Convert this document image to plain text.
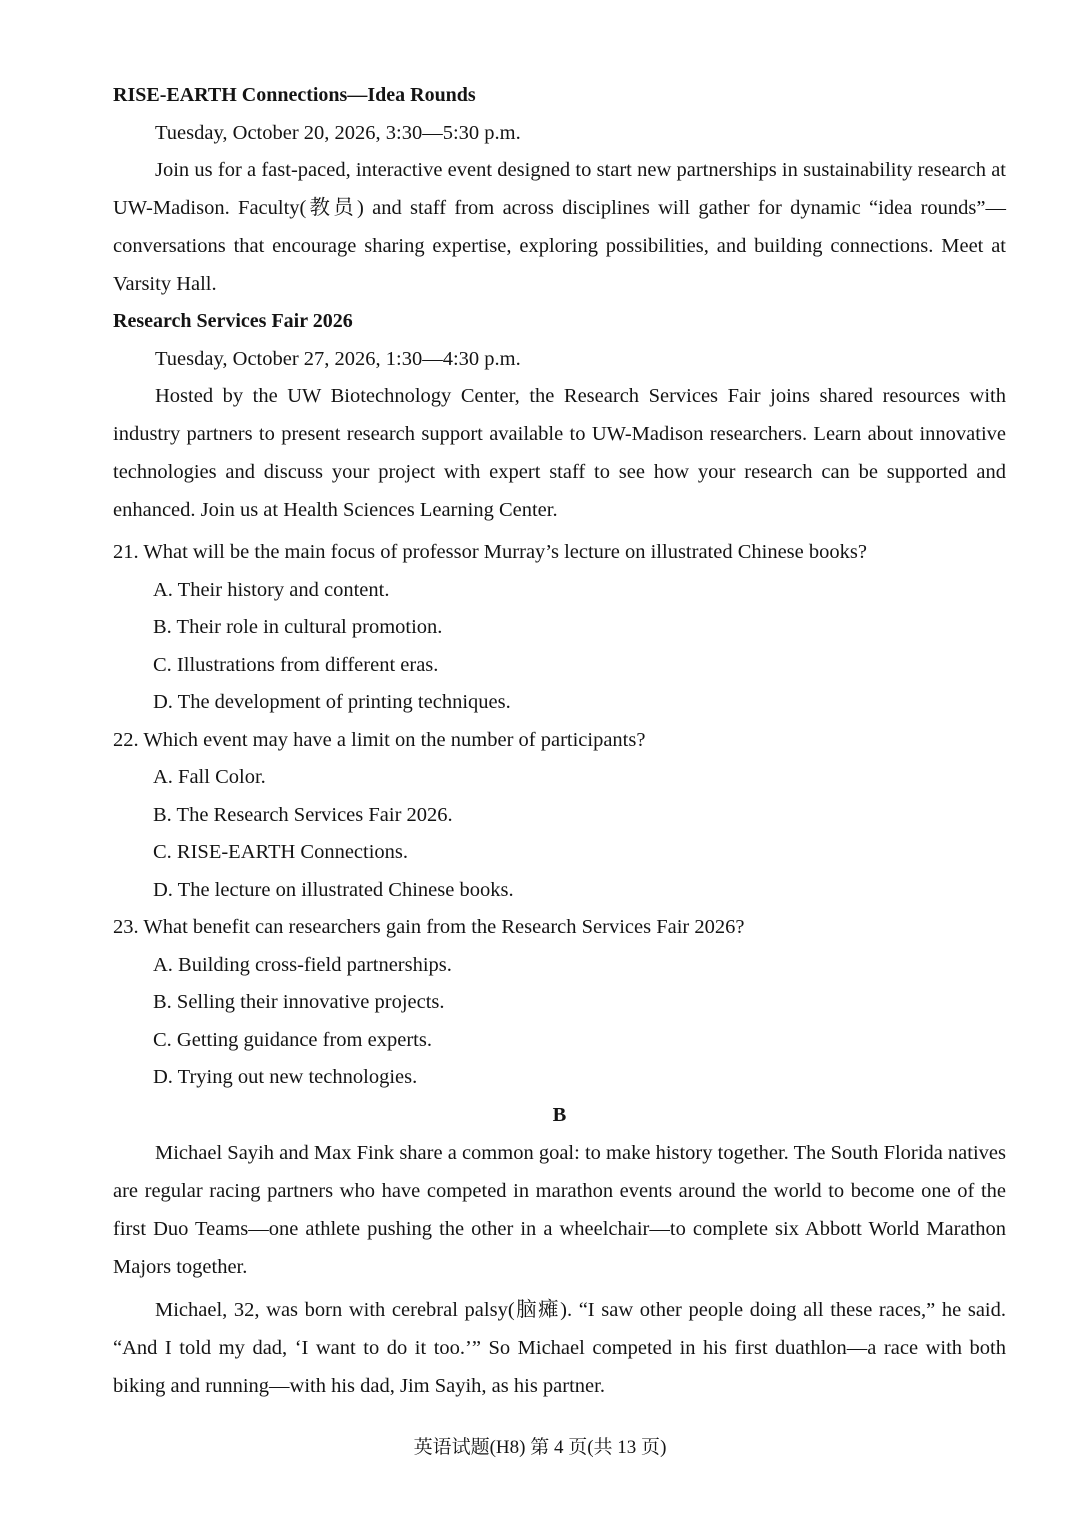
RISE-EARTH Connections—Idea Rounds
Tuesday, October 20, 2026, 3:30—5:30 p.m.
Join us for a fast-paced, interactive event designed to start new partnerships in sustainability research at UW-Madison. Faculty(教员) and staff from across disciplines will gather for dynamic “idea rounds”—conversations that encourage sharing expertise, exploring possibilities, and building connections. Meet at Varsity Hall.
Research Services Fair 2026
Tuesday, October 27, 2026, 1:30—4:30 p.m.
Hosted by the UW Biotechnology Center, the Research Services Fair joins shared resources with industry partners to present research support available to UW-Madison researchers. Learn about innovative technologies and discuss your project with expert staff to see how your research can be supported and enhanced. Join us at Health Sciences Learning Center.
21. What will be the main focus of professor Murray’s lecture on illustrated Chinese books?
A. Their history and content.
B. Their role in cultural promotion.
C. Illustrations from different eras.
D. The development of printing techniques.
22. Which event may have a limit on the number of participants?
A. Fall Color.
B. The Research Services Fair 2026.
C. RISE-EARTH Connections.
D. The lecture on illustrated Chinese books.
23. What benefit can researchers gain from the Research Services Fair 2026?
A. Building cross-field partnerships.
B. Selling their innovative projects.
C. Getting guidance from experts.
D. Trying out new technologies.
B
Michael Sayih and Max Fink share a common goal: to make history together. The South Florida natives are regular racing partners who have competed in marathon events around the world to become one of the first Duo Teams—one athlete pushing the other in a wheelchair—to complete six Abbott World Marathon Majors together.
Michael, 32, was born with cerebral palsy(脑瘫). “I saw other people doing all these races,” he said. “And I told my dad, ‘I want to do it too.’” So Michael competed in his first duathlon—a race with both biking and running—with his dad, Jim Sayih, as his partner.
英语试题(H8) 第 4 页(共 13 页)
